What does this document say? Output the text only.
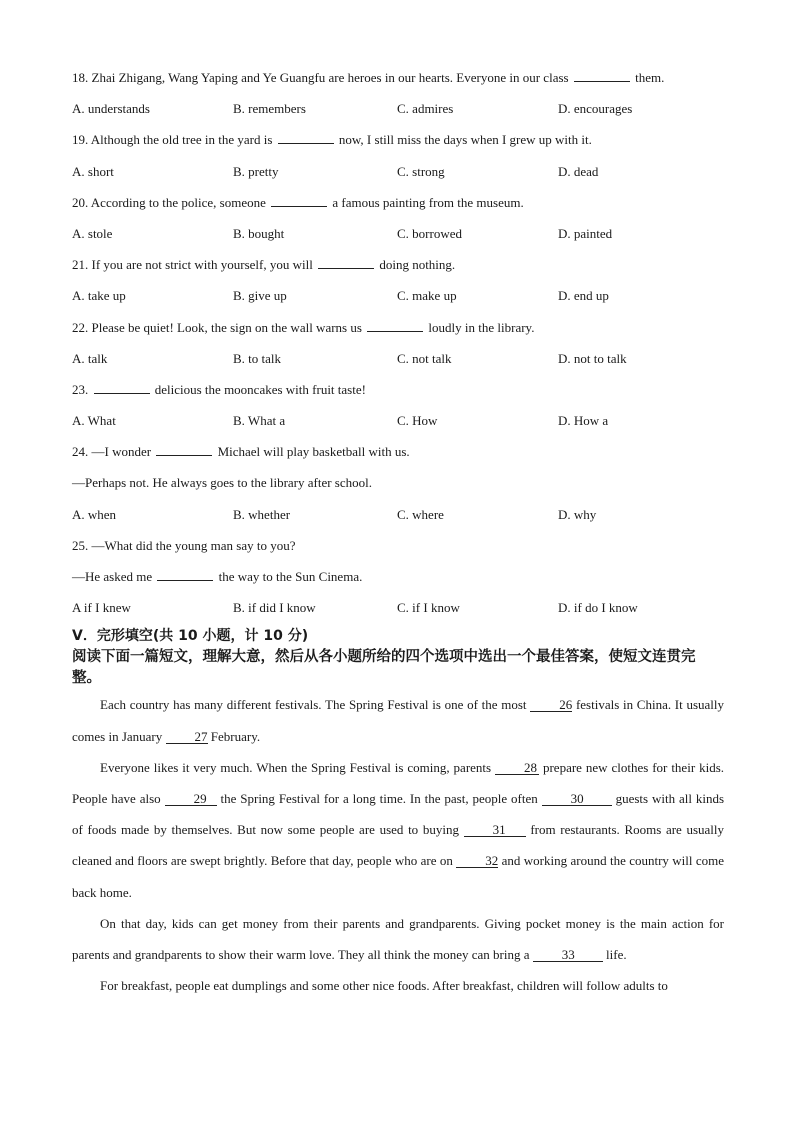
18. Zhai Zhigang, Wang Yaping and Ye Guangfu are heroes in our hearts. Everyone in our class	them.
A. understands	B. remembers	C. admires	D. encourages
19. Although the old tree in the yard is	now, I still miss the days when I grew up with it.
A. short	B. pretty	C. strong	D. dead
20. According to the police, someone	a famous painting from the museum.
A. stole	B. bought	C. borrowed	D. painted
21. If you are not strict with yourself, you will	doing nothing.
A. take up	B. give up	C. make up	D. end up
22. Please be quiet! Look, the sign on the wall warns us	loudly in the library.
A. talk	B. to talk	C. not talk	D. not to talk
23.	delicious the mooncakes with fruit taste!
A. What	B. What a	C. How	D. How a
24. —I wonder	Michael will play basketball with us.
—Perhaps not. He always goes to the library after school.
A. when	B. whether	C. where	D. why
25. —What did the young man say to you?
—He asked me	the way to the Sun Cinema.
A if I knew	B. if did I know	C. if I know	D. if do I know
Ⅴ．完形填空(共 10 小题，计 10 分)
阅读下面一篇短文，理解大意，然后从各小题所给的四个选项中选出一个最佳答案，使短文连贯完整。
Each country has many different festivals. The Spring Festival is one of the most	26 festivals in China. It usually comes in January 27 February.
Everyone likes it very much. When the Spring Festival is coming, parents	28 prepare new clothes for their kids. People have also	29 the Spring Festival for a long time. In the past, people often	30 guests with all kinds of foods made by themselves. But now some people are used to buying	31 from restaurants. Rooms are usually cleaned and floors are swept brightly. Before that day, people who are on 32 and working around the country will come back home.
On that day, kids can get money from their parents and grandparents. Giving pocket money is the main action for parents and grandparents to show their warm love. They all think the money can bring a 33 life.
For breakfast, people eat dumplings and some other nice foods. After breakfast, children will follow adults to
